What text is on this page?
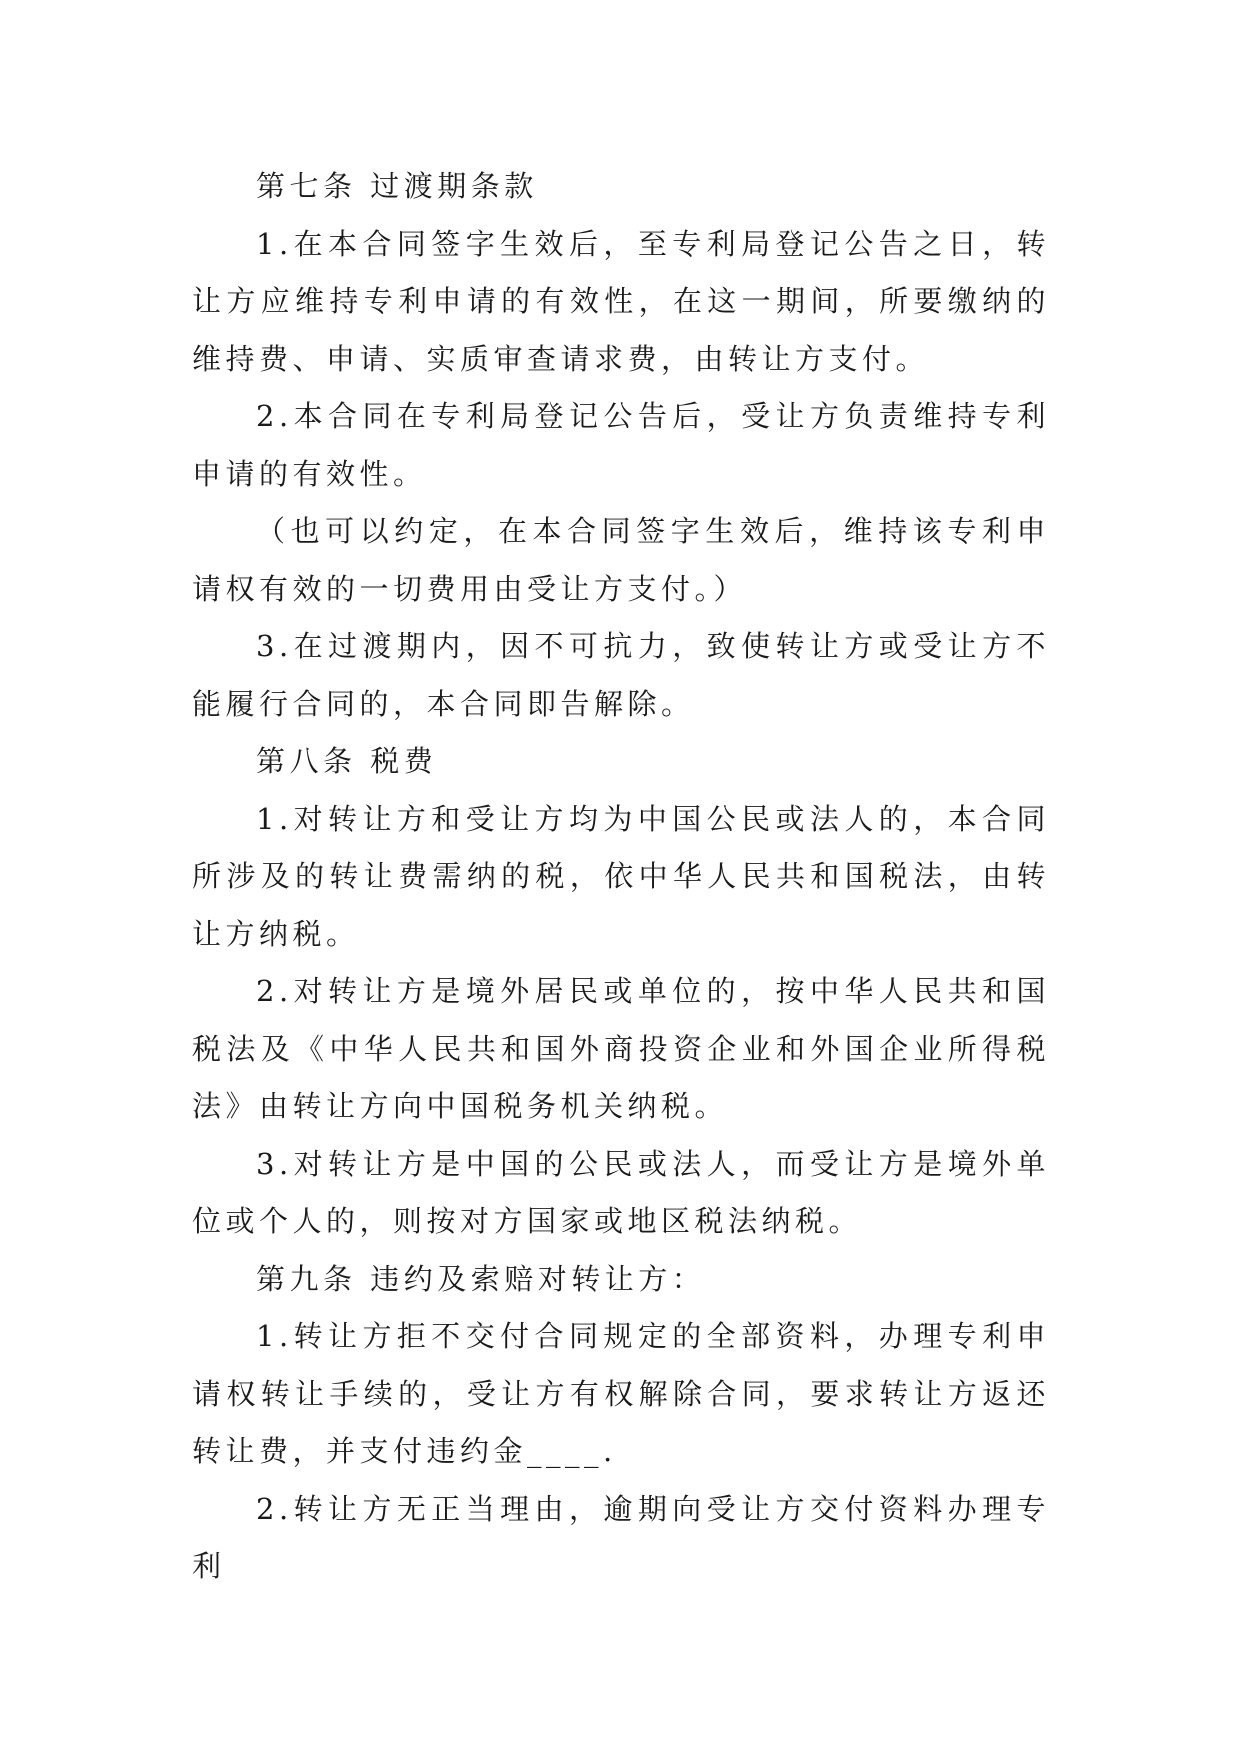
第七条 过渡期条款

1.在本合同签字生效后，至专利局登记公告之日，转让方应维持专利申请的有效性，在这一期间，所要缴纳的维持费、申请、实质审查请求费，由转让方支付。

2.本合同在专利局登记公告后，受让方负责维持专利申请的有效性。

（也可以约定，在本合同签字生效后，维持该专利申请权有效的一切费用由受让方支付。）

3.在过渡期内，因不可抗力，致使转让方或受让方不能履行合同的，本合同即告解除。

第八条 税费

1.对转让方和受让方均为中国公民或法人的，本合同所涉及的转让费需纳的税，依中华人民共和国税法，由转让方纳税。

2.对转让方是境外居民或单位的，按中华人民共和国税法及《中华人民共和国外商投资企业和外国企业所得税法》由转让方向中国税务机关纳税。

3.对转让方是中国的公民或法人，而受让方是境外单位或个人的，则按对方国家或地区税法纳税。

第九条 违约及索赔对转让方：

1.转让方拒不交付合同规定的全部资料，办理专利申请权转让手续的，受让方有权解除合同，要求转让方返还转让费，并支付违约金____.

2.转让方无正当理由，逾期向受让方交付资料办理专利
